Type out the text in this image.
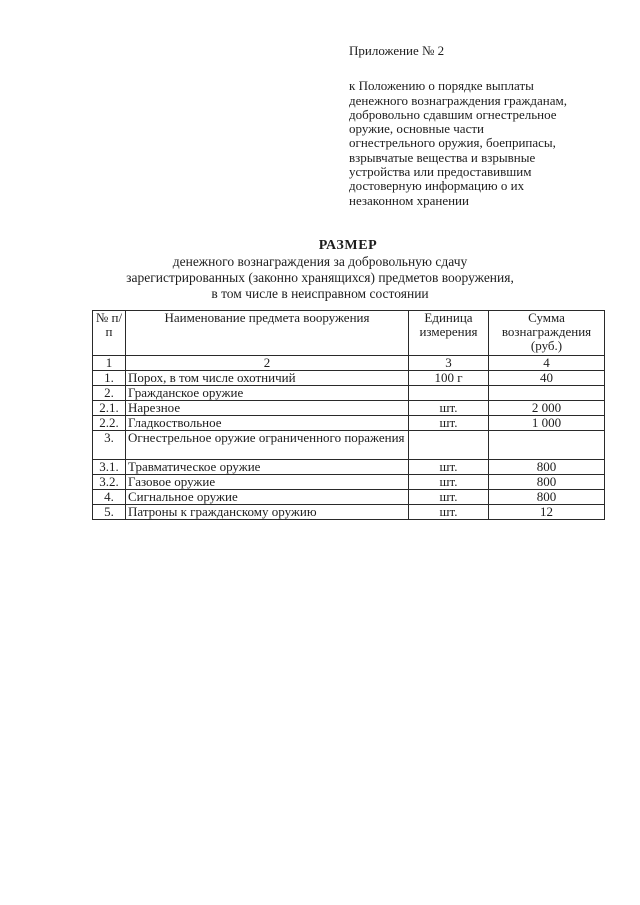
Приложение № 2
к Положению о порядке выплаты
денежного вознаграждения гражданам,
добровольно сдавшим огнестрельное
оружие, основные части
огнестрельного оружия, боеприпасы,
взрывчатые вещества и взрывные
устройства или предоставившим
достоверную информацию о их
незаконном хранении
РАЗМЕР
денежного вознаграждения за добровольную сдачу
зарегистрированных (законно хранящихся) предметов вооружения,
в том числе в неисправном состоянии
№ п/п	Наименование предмета вооружения	Единица измерения	Сумма вознаграждения (руб.)
1	2	3	4
1.	Порох, в том числе охотничий	100 г	40
2.	Гражданское оружие		
2.1.	Нарезное	шт.	2 000
2.2.	Гладкоствольное	шт.	1 000
3.	Огнестрельное оружие ограниченного поражения		
3.1.	Травматическое оружие	шт.	800
3.2.	Газовое оружие	шт.	800
4.	Сигнальное оружие	шт.	800
5.	Патроны к гражданскому оружию	шт.	12
